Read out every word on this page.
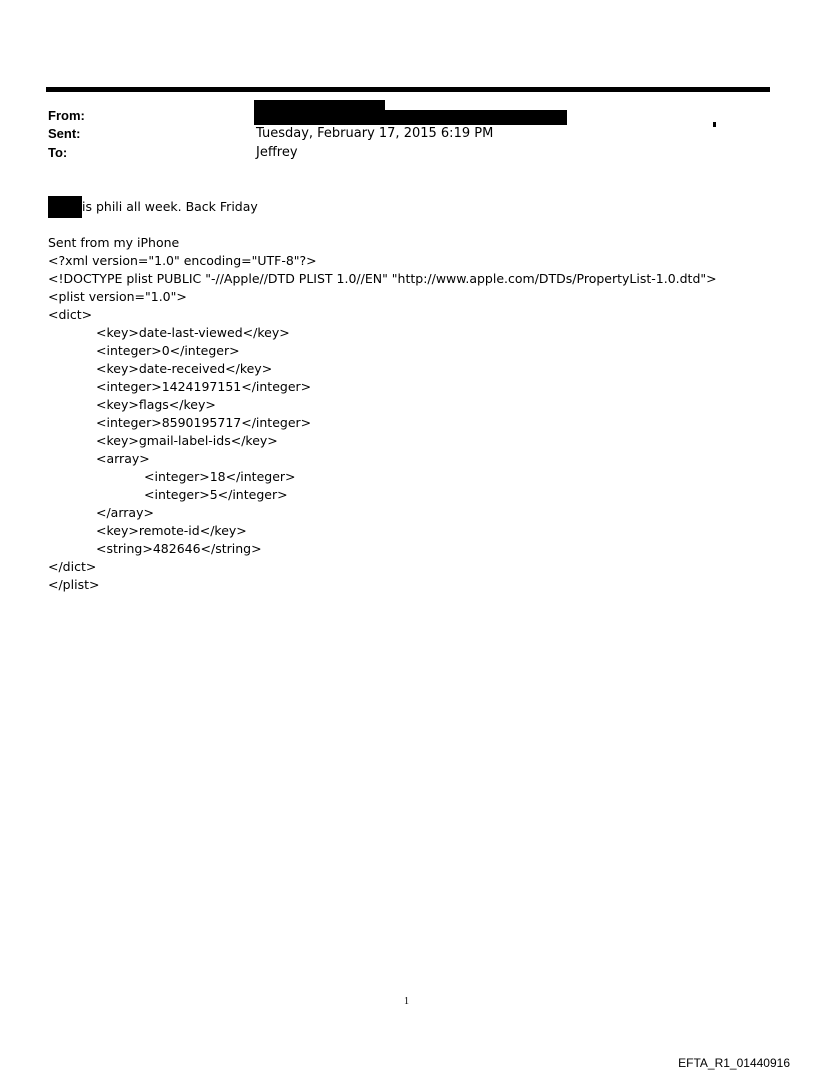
From:
Sent:	Tuesday, February 17, 2015 6:19 PM
To:	Jeffrey
is phili all week. Back Friday
Sent from my iPhone
<?xml version="1.0" encoding="UTF-8"?>
<!DOCTYPE plist PUBLIC "-//Apple//DTD PLIST 1.0//EN" "http://www.apple.com/DTDs/PropertyList-1.0.dtd">
<plist version="1.0">
<dict>
<key>date-last-viewed</key>
<integer>0</integer>
<key>date-received</key>
<integer>1424197151</integer>
<key>flags</key>
<integer>8590195717</integer>
<key>gmail-label-ids</key>
<array>
<integer>18</integer>
<integer>5</integer>
</array>
<key>remote-id</key>
<string>482646</string>
</dict>
</plist>
1
EFTA_R1_01440916
